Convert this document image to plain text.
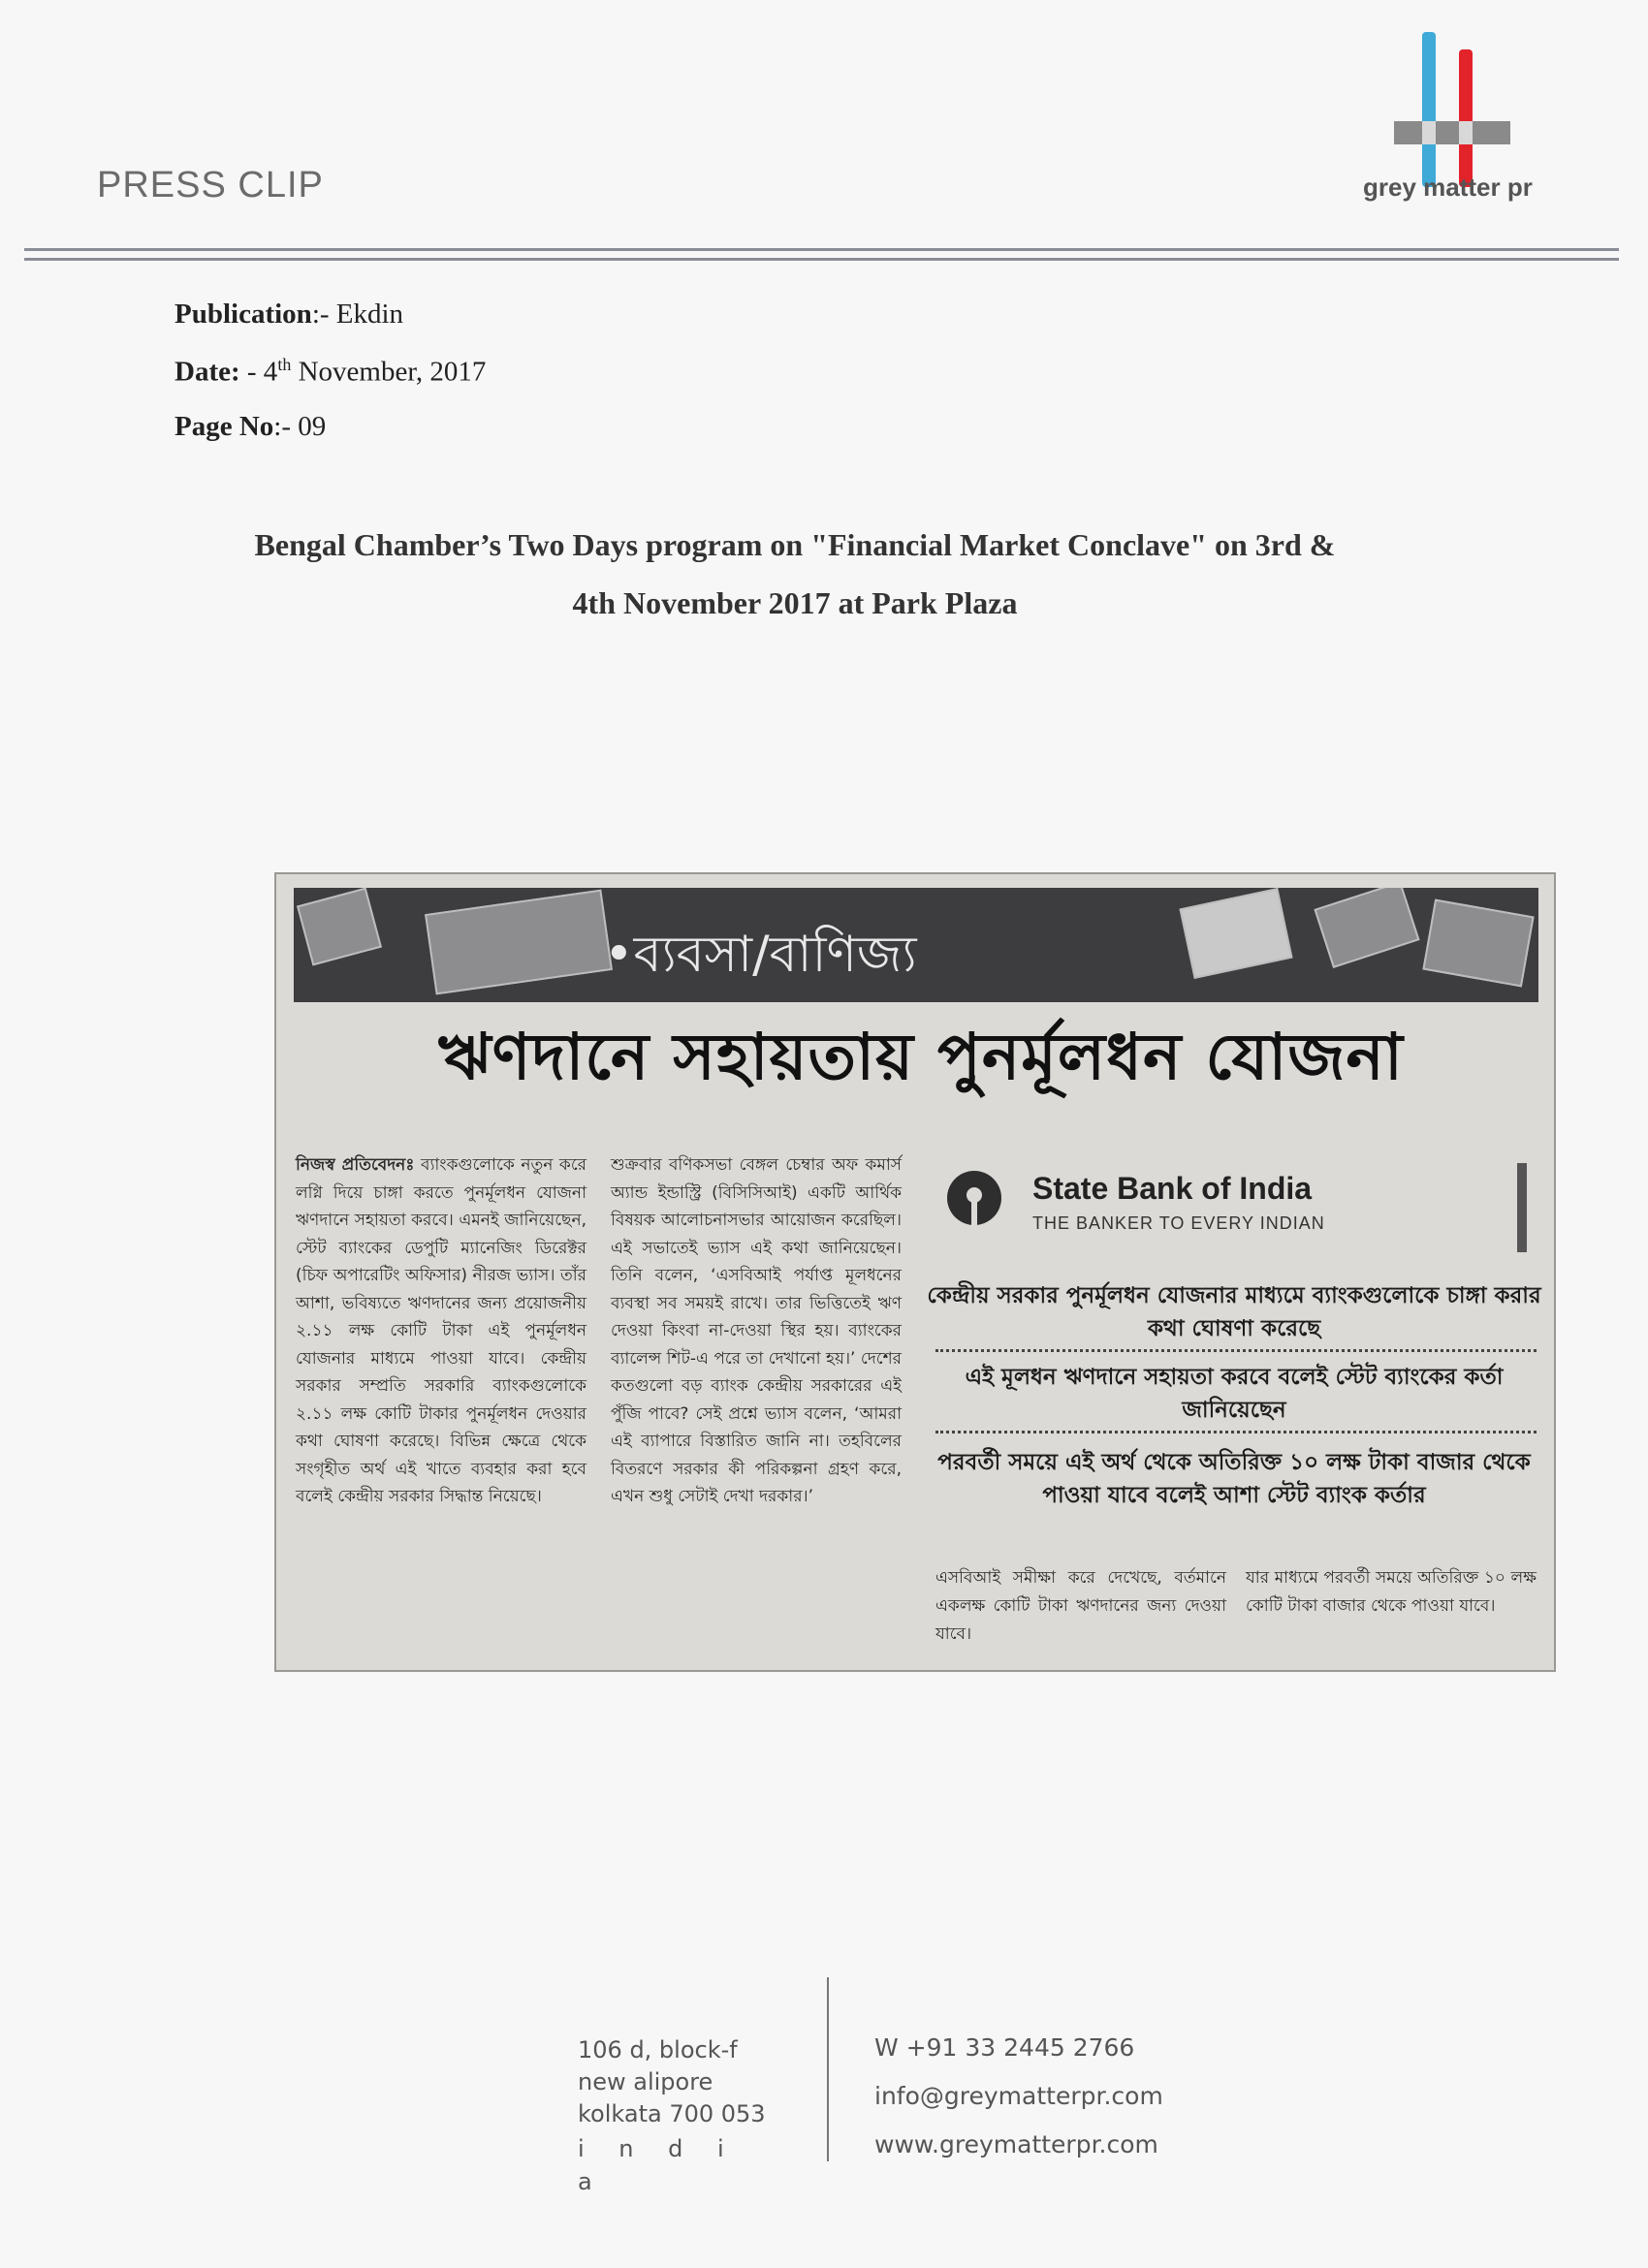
PRESS CLIP	grey matter pr
Publication:- Ekdin
Date: - 4th November, 2017
Page No:- 09
Bengal Chamber’s Two Days program on "Financial Market Conclave" on 3rd &
4th November 2017 at Park Plaza
•ব্যবসা/বাণিজ্য
ঋণদানে সহায়তায় পুনর্মূলধন যোজনা
নিজস্ব প্রতিবেদনঃ ব্যাংকগুলোকে নতুন করে লগ্নি দিয়ে চাঙ্গা করতে পুনর্মূলধন যোজনা ঋণদানে সহায়তা করবে। এমনই জানিয়েছেন, স্টেট ব্যাংকের ডেপুটি ম্যানেজিং ডিরেক্টর (চিফ অপারেটিং অফিসার) নীরজ ভ্যাস। তাঁর আশা, ভবিষ্যতে ঋণদানের জন্য প্রয়োজনীয় ২.১১ লক্ষ কোটি টাকা এই পুনর্মূলধন যোজনার মাধ্যমে পাওয়া যাবে। কেন্দ্রীয় সরকার সম্প্রতি সরকারি ব্যাংকগুলোকে ২.১১ লক্ষ কোটি টাকার পুনর্মূলধন দেওয়ার কথা ঘোষণা করেছে। বিভিন্ন ক্ষেত্রে থেকে সংগৃহীত অর্থ এই খাতে ব্যবহার করা হবে বলেই কেন্দ্রীয় সরকার সিদ্ধান্ত নিয়েছে।
শুক্রবার বণিকসভা বেঙ্গল চেম্বার অফ কমার্স অ্যান্ড ইন্ডাস্ট্রি (বিসিসিআই) একটি আর্থিক বিষয়ক আলোচনাসভার আয়োজন করেছিল। এই সভাতেই ভ্যাস এই কথা জানিয়েছেন। তিনি বলেন, ‘এসবিআই পর্যাপ্ত মূলধনের ব্যবস্থা সব সময়ই রাখে। তার ভিত্তিতেই ঋণ দেওয়া কিংবা না-দেওয়া স্থির হয়। ব্যাংকের ব্যালেন্স শিট-এ পরে তা দেখানো হয়।’ দেশের কতগুলো বড় ব্যাংক কেন্দ্রীয় সরকারের এই পুঁজি পাবে? সেই প্রশ্নে ভ্যাস বলেন, ‘আমরা এই ব্যাপারে বিস্তারিত জানি না। তহবিলের বিতরণে সরকার কী পরিকল্পনা গ্রহণ করে, এখন শুধু সেটাই দেখা দরকার।’
State Bank of India
THE BANKER TO EVERY INDIAN
কেন্দ্রীয় সরকার পুনর্মূলধন যোজনার মাধ্যমে ব্যাংকগুলোকে চাঙ্গা করার কথা ঘোষণা করেছে
এই মূলধন ঋণদানে সহায়তা করবে বলেই স্টেট ব্যাংকের কর্তা জানিয়েছেন
পরবর্তী সময়ে এই অর্থ থেকে অতিরিক্ত ১০ লক্ষ টাকা বাজার থেকে পাওয়া যাবে বলেই আশা স্টেট ব্যাংক কর্তার
এসবিআই সমীক্ষা করে দেখেছে, বর্তমানে একলক্ষ কোটি টাকা ঋণদানের জন্য দেওয়া যাবে।
যার মাধ্যমে পরবর্তী সময়ে অতিরিক্ত ১০ লক্ষ কোটি টাকা বাজার থেকে পাওয়া যাবে।
106 d, block-f
new alipore
kolkata 700 053
i n d i a
W +91 33 2445 2766
info@greymatterpr.com
www.greymatterpr.com
